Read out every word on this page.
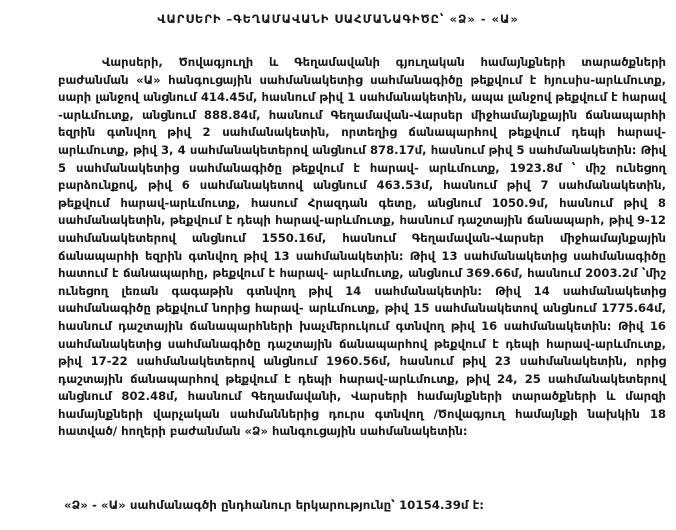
ՎԱՐՍԵՐԻ –ԳԵՂԱՄԱՎԱՆԻ ՍԱՀՄԱՆԱԳԻԾԸ՝ «Ձ» - «Ա»

Վարսերի, Ծովագյուղի և Գեղամավանի գյուղական համայնքների տարածքների բաժանման «Ա» հանգուցային սահմանակետից սահմանագիծը թեքվում է հյուսիս-արևմուտք, սարի լանջով անցնում 414.45մ, հասնում թիվ 1 սահմանակետին, ապա լանջով թեքվում է հարավ -արևմուտք, անցնում 888.84մ, հասնում Գեղամավան-Վարսեր միջհամայնքային ճանապարհի եզրին գտնվող թիվ 2 սահմանակետին, որտեղից ճանապարհով թեքվում դեպի հարավ-արևմուտք, թիվ 3, 4 սահմանակետերով անցնում 878.17մ, հասնում թիվ 5 սահմանակետին: Թիվ 5 սահմանակետից սահմանագիծը թեքվում է հարավ- արևմուտք, 1923.8մ ՝ միշ ունեցող բարձունքով, թիվ 6 սահմանակետով անցնում 463.53մ, հասնում թիվ 7 սահմանակետին, թեքվում հարավ-արևմուտք, հասում Հրազդան գետը, անցնում 1050.9մ, հասնում թիվ 8 սահմանակետին, թեքվում է դեպի հարավ-արևմուտք, հասնում դաշտային ճանապարհ, թիվ 9-12 սահմանակետերով անցնում 1550.16մ, հասնում Գեղամավան-Վարսեր միջհամայնքային ճանապարհի եզրին գտնվող թիվ 13 սահմանակետին: Թիվ 13 սահմանակետից սահմանագիծը հատում է ճանապարհը, թեքվում է հարավ- արևմուտք, անցնում 369.66մ, հասնում 2003.2մ ՝միշ ունեցող լեռան գագաթին գտնվող թիվ 14 սահմանակետին: Թիվ 14 սահմանակետից սահմանագիծը թեքվում նորից հարավ- արևմուտք, թիվ 15 սահմանակետով անցնում 1775.64մ, հասնում դաշտային ճանապարհների խաչմերուկում գտնվող թիվ 16 սահմանակետին: Թիվ 16 սահմանակետից սահմանագիծը դաշտային ճանապարհով թեքվում է դեպի հարավ-արևմուտք, թիվ 17-22 սահմանակետերով անցնում 1960.56մ, հասնում թիվ 23 սահմանակետին, որից դաշտային ճանապարհով թեքվում է դեպի հարավ-արևմուտք, թիվ 24, 25 սահմանակետերով անցնում 802.48մ, հասնում Գեղամավանի, Վարսերի համայնքների տարածքների և մարզի համայնքների վարչական սահմաններից դուրս գտնվող /Ծովագյուղ համայնքի նախկին 18 հատված/ հողերի բաժանման «Ձ» հանգուցային սահմանակետին:

«Ձ» - «Ա» սահմանագծի ընդհանուր երկարությունը՝ 10154.39մ է:
